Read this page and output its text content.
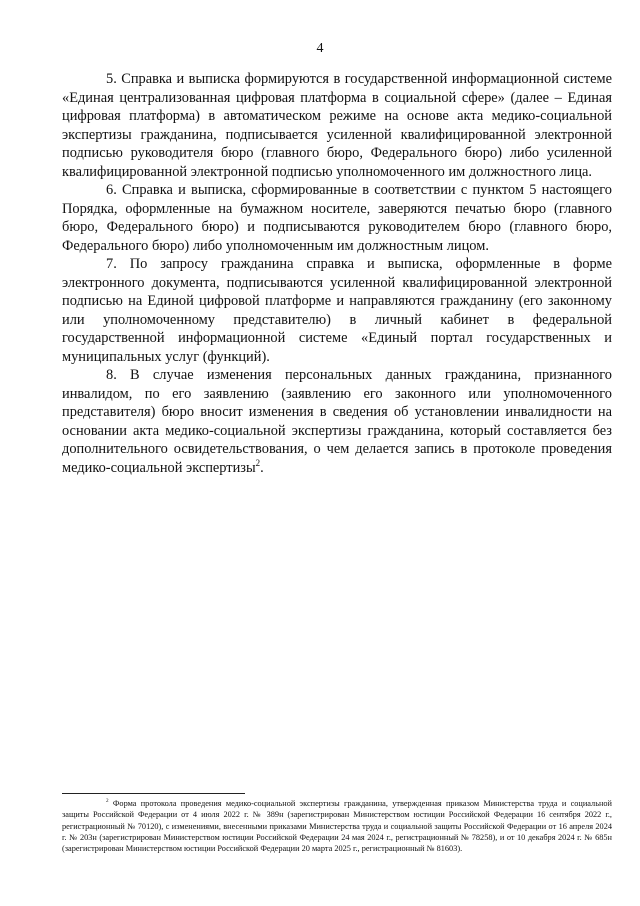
4

5. Справка и выписка формируются в государственной информационной системе «Единая централизованная цифровая платформа в социальной сфере» (далее – Единая цифровая платформа) в автоматическом режиме на основе акта медико-социальной экспертизы гражданина, подписывается усиленной квалифицированной электронной подписью руководителя бюро (главного бюро, Федерального бюро) либо усиленной квалифицированной электронной подписью уполномоченного им должностного лица.

6. Справка и выписка, сформированные в соответствии с пунктом 5 настоящего Порядка, оформленные на бумажном носителе, заверяются печатью бюро (главного бюро, Федерального бюро) и подписываются руководителем бюро (главного бюро, Федерального бюро) либо уполномоченным им должностным лицом.

7. По запросу гражданина справка и выписка, оформленные в форме электронного документа, подписываются усиленной квалифицированной электронной подписью на Единой цифровой платформе и направляются гражданину (его законному или уполномоченному представителю) в личный кабинет в федеральной государственной информационной системе «Единый портал государственных и муниципальных услуг (функций).

8. В случае изменения персональных данных гражданина, признанного инвалидом, по его заявлению (заявлению его законного или уполномоченного представителя) бюро вносит изменения в сведения об установлении инвалидности на основании акта медико-социальной экспертизы гражданина, который составляется без дополнительного освидетельствования, о чем делается запись в протоколе проведения медико-социальной экспертизы$^2$.

$^2$ Форма протокола проведения медико-социальной экспертизы гражданина, утвержденная приказом Министерства труда и социальной защиты Российской Федерации от 4 июля 2022 г. № 389н (зарегистрирован Министерством юстиции Российской Федерации 16 сентября 2022 г., регистрационный № 70120), с изменениями, внесенными приказами Министерства труда и социальной защиты Российской Федерации от 16 апреля 2024 г. № 203н (зарегистрирован Министерством юстиции Российской Федерации 24 мая 2024 г., регистрационный № 78258), и от 10 декабря 2024 г. № 685н (зарегистрирован Министерством юстиции Российской Федерации 20 марта 2025 г., регистрационный № 81603).
